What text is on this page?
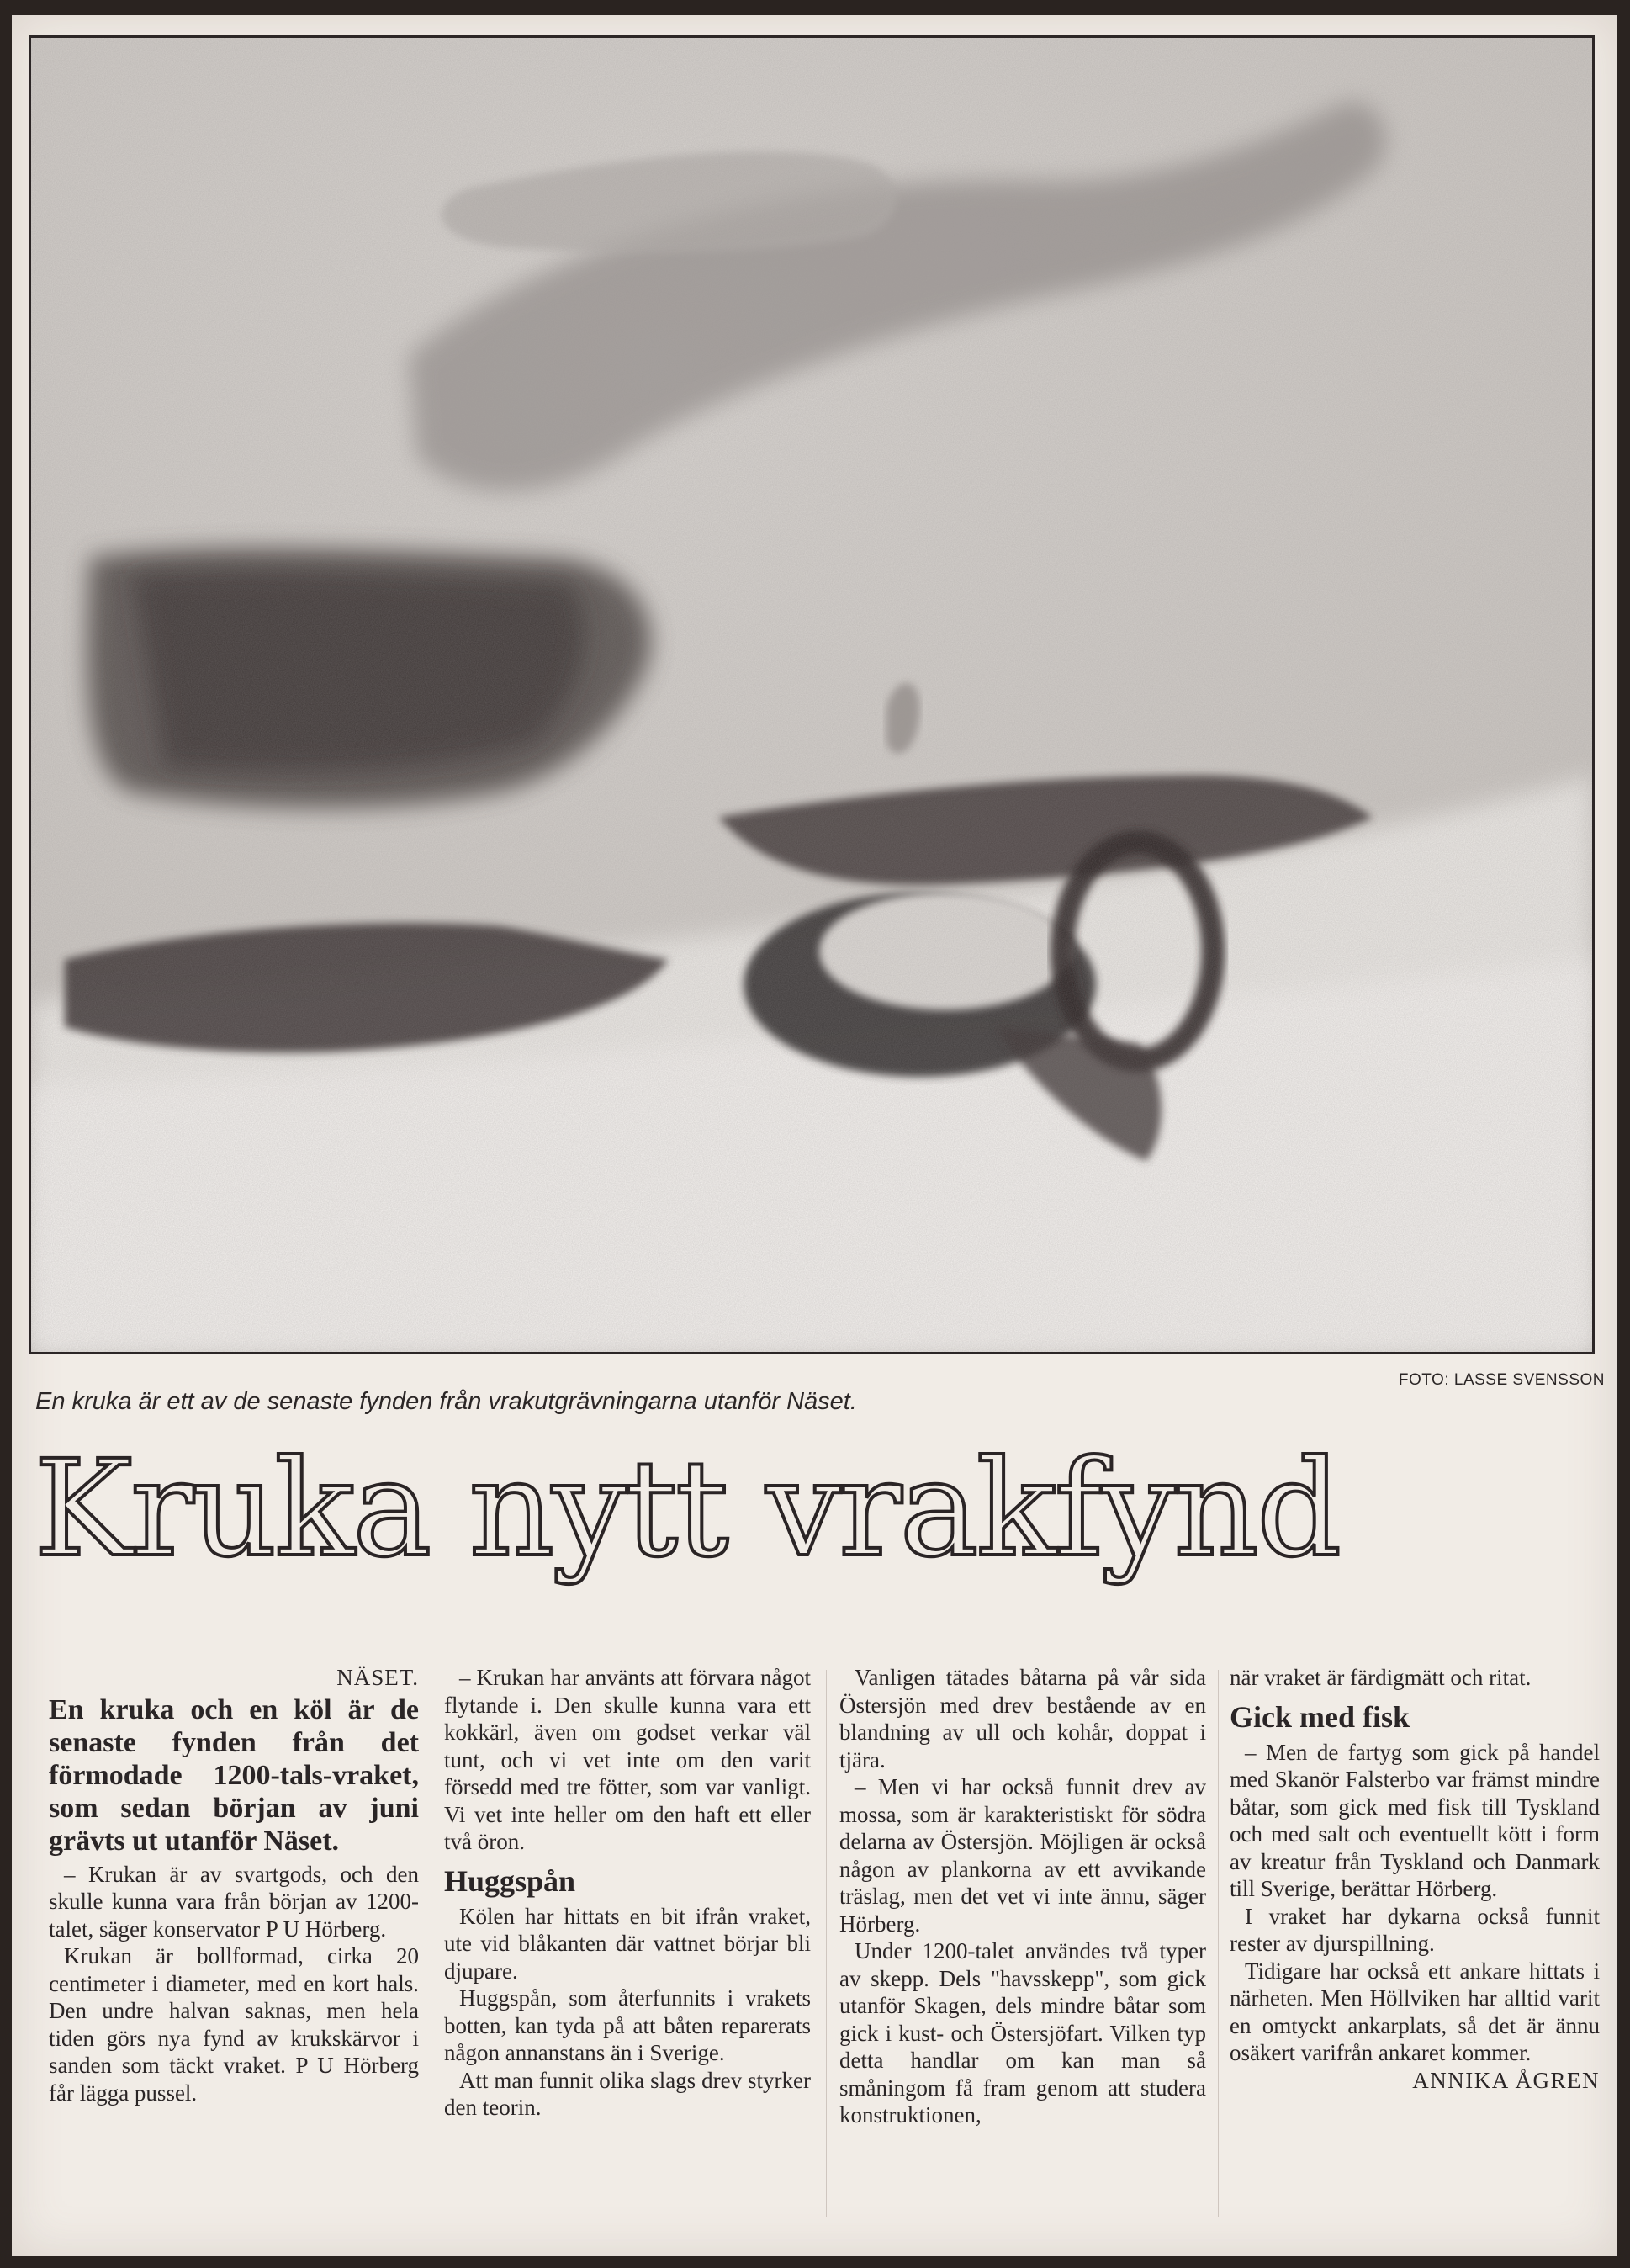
FOTO: LASSE SVENSSON
En kruka är ett av de senaste fynden från vrakutgrävningarna utanför Näset.
Kruka nytt vrakfynd
NÄSET.

En kruka och en köl är de senaste fynden från det förmodade 1200-tals-vraket, som sedan början av juni grävts ut utanför Näset.

– Krukan är av svartgods, och den skulle kunna vara från början av 1200-talet, säger konservator P U Hörberg.

Krukan är bollformad, cirka 20 centimeter i diameter, med en kort hals. Den undre halvan saknas, men hela tiden görs nya fynd av krukskärvor i sanden som täckt vraket. P U Hörberg får lägga pussel.

– Krukan har använts att förvara något flytande i. Den skulle kunna vara ett kokkärl, även om godset verkar väl tunt, och vi vet inte om den varit försedd med tre fötter, som var vanligt. Vi vet inte heller om den haft ett eller två öron.

Huggspån

Kölen har hittats en bit ifrån vraket, ute vid blåkanten där vattnet börjar bli djupare.

Huggspån, som återfunnits i vrakets botten, kan tyda på att båten reparerats någon annanstans än i Sverige.

Att man funnit olika slags drev styrker den teorin.

Vanligen tätades båtarna på vår sida Östersjön med drev bestående av en blandning av ull och kohår, doppat i tjära.

– Men vi har också funnit drev av mossa, som är karakteristiskt för södra delarna av Östersjön. Möjligen är också någon av plankorna av ett avvikande träslag, men det vet vi inte ännu, säger Hörberg.

Under 1200-talet användes två typer av skepp. Dels "havsskepp", som gick utanför Skagen, dels mindre båtar som gick i kust- och Östersjöfart. Vilken typ detta handlar om kan man så småningom få fram genom att studera konstruktionen,

när vraket är färdigmätt och ritat.

Gick med fisk

– Men de fartyg som gick på handel med Skanör Falsterbo var främst mindre båtar, som gick med fisk till Tyskland och med salt och eventuellt kött i form av kreatur från Tyskland och Danmark till Sverige, berättar Hörberg.

I vraket har dykarna också funnit rester av djurspillning.

Tidigare har också ett ankare hittats i närheten. Men Höllviken har alltid varit en omtyckt ankarplats, så det är ännu osäkert varifrån ankaret kommer.

ANNIKA ÅGREN
